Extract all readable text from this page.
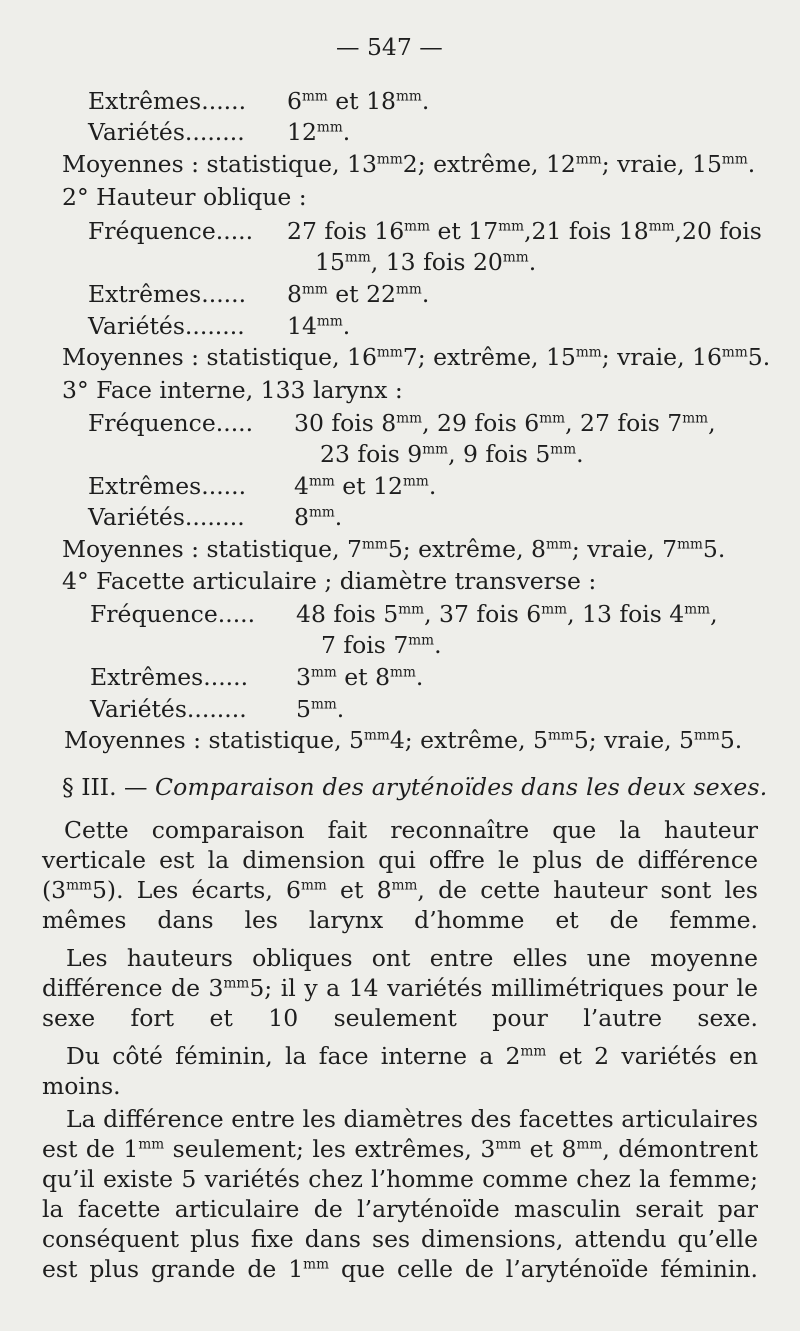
— 547 —
Extrêmes...... $6^{mm}$ et $18^{mm}$.
Variétés........ $12^{mm}$.
Moyennes : statistique, $13^{mm}2$; extrême, $12^{mm}$; vraie, $15^{mm}$.
2° Hauteur oblique :
Fréquence..... 27 fois $16^{mm}$ et $17^{mm},21$ fois $18^{mm},20$ fois
$15^{mm}$, 13 fois $20^{mm}$.
Extrêmes...... $8^{mm}$ et $22^{mm}$.
Variétés........ $14^{mm}$.
Moyennes : statistique, $16^{mm}7$; extrême, $15^{mm}$; vraie, $16^{mm}5$.
3° Face interne, 133 larynx :
Fréquence..... 30 fois $8^{mm}$, 29 fois $6^{mm}$, 27 fois $7^{mm}$,
23 fois $9^{mm}$, 9 fois $5^{mm}$.
Extrêmes...... $4^{mm}$ et $12^{mm}$.
Variétés........ $8^{mm}$.
Moyennes : statistique, $7^{mm}5$; extrême, $8^{mm}$; vraie, $7^{mm}5$.
4° Facette articulaire ; diamètre transverse :
Fréquence..... 48 fois $5^{mm}$, 37 fois $6^{mm}$, 13 fois $4^{mm}$,
7 fois $7^{mm}$.
Extrêmes...... $3^{mm}$ et $8^{mm}$.
Variétés........ $5^{mm}$.
Moyennes : statistique, $5^{mm}4$; extrême, $5^{mm}5$; vraie, $5^{mm}5$.
§ III. — Comparaison des aryténoïdes dans les deux sexes.
Cette comparaison fait reconnaître que la hauteur verticale est la dimension qui offre le plus de différence $(3^{mm}5)$. Les écarts, $6^{mm}$ et $8^{mm}$, de cette hauteur sont les mêmes dans les larynx d’homme et de femme.
Les hauteurs obliques ont entre elles une moyenne différence de $3^{mm}5$; il y a 14 variétés millimétriques pour le sexe fort et 10 seulement pour l’autre sexe.
Du côté féminin, la face interne a $2^{mm}$ et 2 variétés en moins.
La différence entre les diamètres des facettes articulaires est de $1^{mm}$ seulement; les extrêmes, $3^{mm}$ et $8^{mm}$, démontrent qu’il existe 5 variétés chez l’homme comme chez la femme; la facette articulaire de l’aryténoïde masculin serait par conséquent plus fixe dans ses dimensions, attendu qu’elle est plus grande de $1^{mm}$ que celle de l’aryténoïde féminin.
